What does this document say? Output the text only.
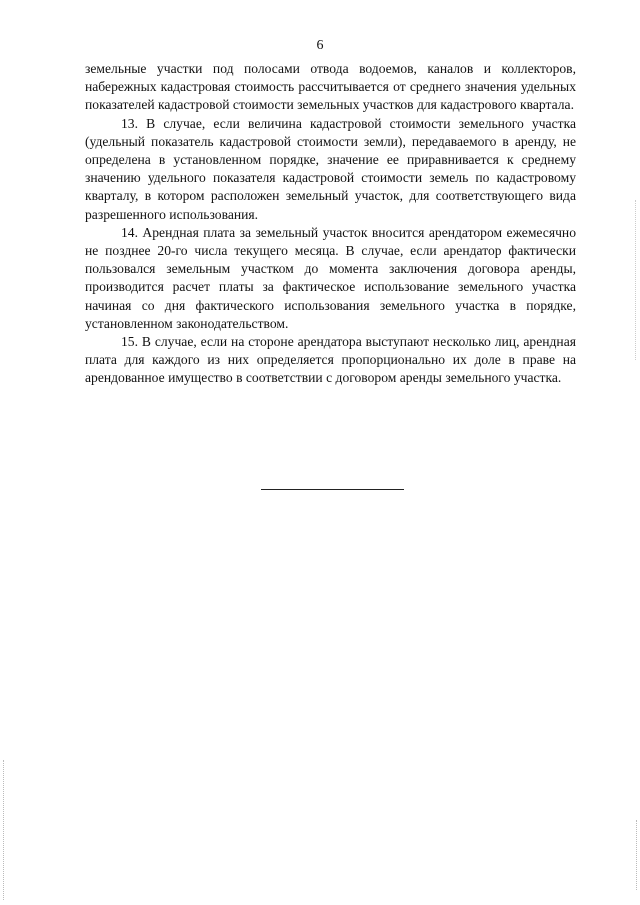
6

земельные участки под полосами отвода водоемов, каналов и коллекторов, набережных кадастровая стоимость рассчитывается от среднего значения удельных показателей кадастровой стоимости земельных участков для кадастрового квартала.

13. В случае, если величина кадастровой стоимости земельного участка (удельный показатель кадастровой стоимости земли), передаваемого в аренду, не определена в установленном порядке, значение ее приравнивается к среднему значению удельного показателя кадастровой стоимости земель по кадастровому кварталу, в котором расположен земельный участок, для соответствующего вида разрешенного использования.

14. Арендная плата за земельный участок вносится арендатором ежемесячно не позднее 20-го числа текущего месяца. В случае, если арендатор фактически пользовался земельным участком до момента заключения договора аренды, производится расчет платы за фактическое использование земельного участка начиная со дня фактического использования земельного участка в порядке, установленном законодательством.

15. В случае, если на стороне арендатора выступают несколько лиц, арендная плата для каждого из них определяется пропорционально их доле в праве на арендованное имущество в соответствии с договором аренды земельного участка.
